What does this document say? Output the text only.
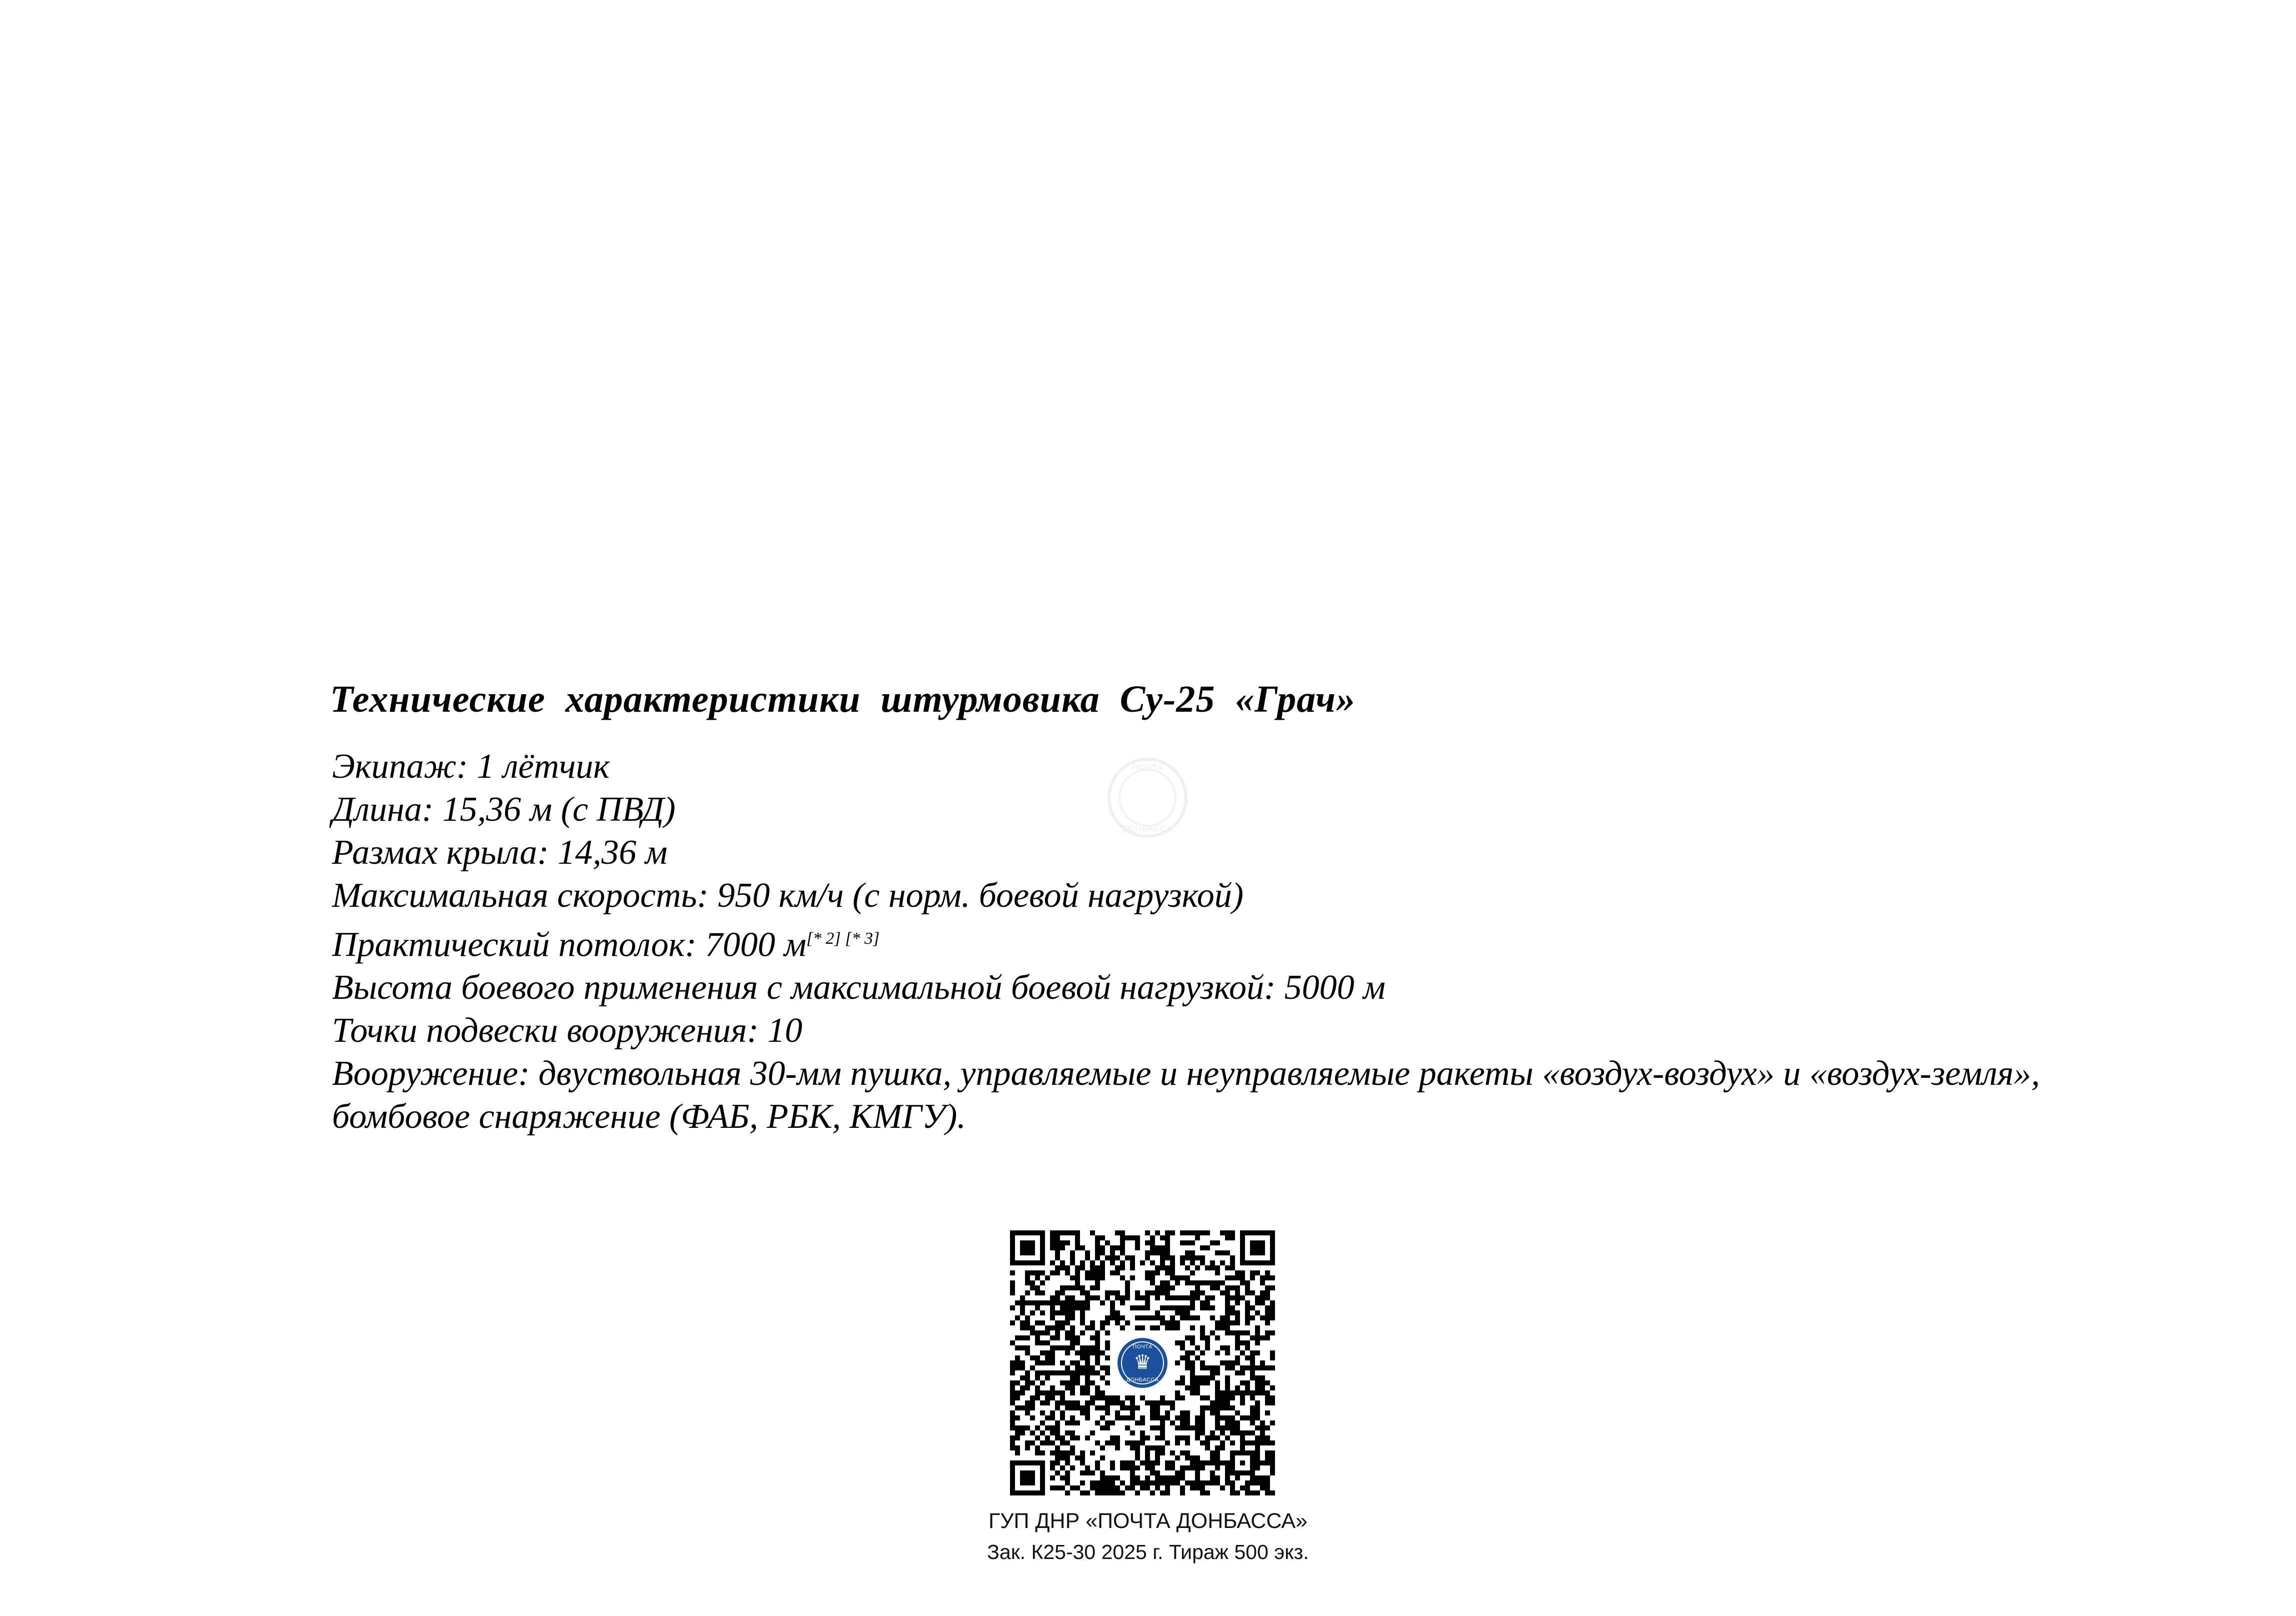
Технические  характеристики  штурмовика  Су-25  «Грач»
ПОЧТА
ДОНБАССА
Экипаж: 1 лётчик
Длина: 15,36 м (с ПВД)
Размах крыла: 14,36 м
Максимальная скорость: 950 км/ч (с норм. боевой нагрузкой)
Практический потолок: 7000 м[* 2] [* 3]
Высота боевого применения с максимальной боевой нагрузкой: 5000 м
Точки подвески вооружения: 10
Вооружение: двуствольная 30-мм пушка, управляемые и неуправляемые ракеты «воздух-воздух» и «воздух-земля», бомбовое снаряжение (ФАБ, РБК, КМГУ).
ПОЧТА
♛
ДОНБАССА
ГУП ДНР «ПОЧТА ДОНБАССА»
Зак. К25-30 2025 г. Тираж 500 экз.
